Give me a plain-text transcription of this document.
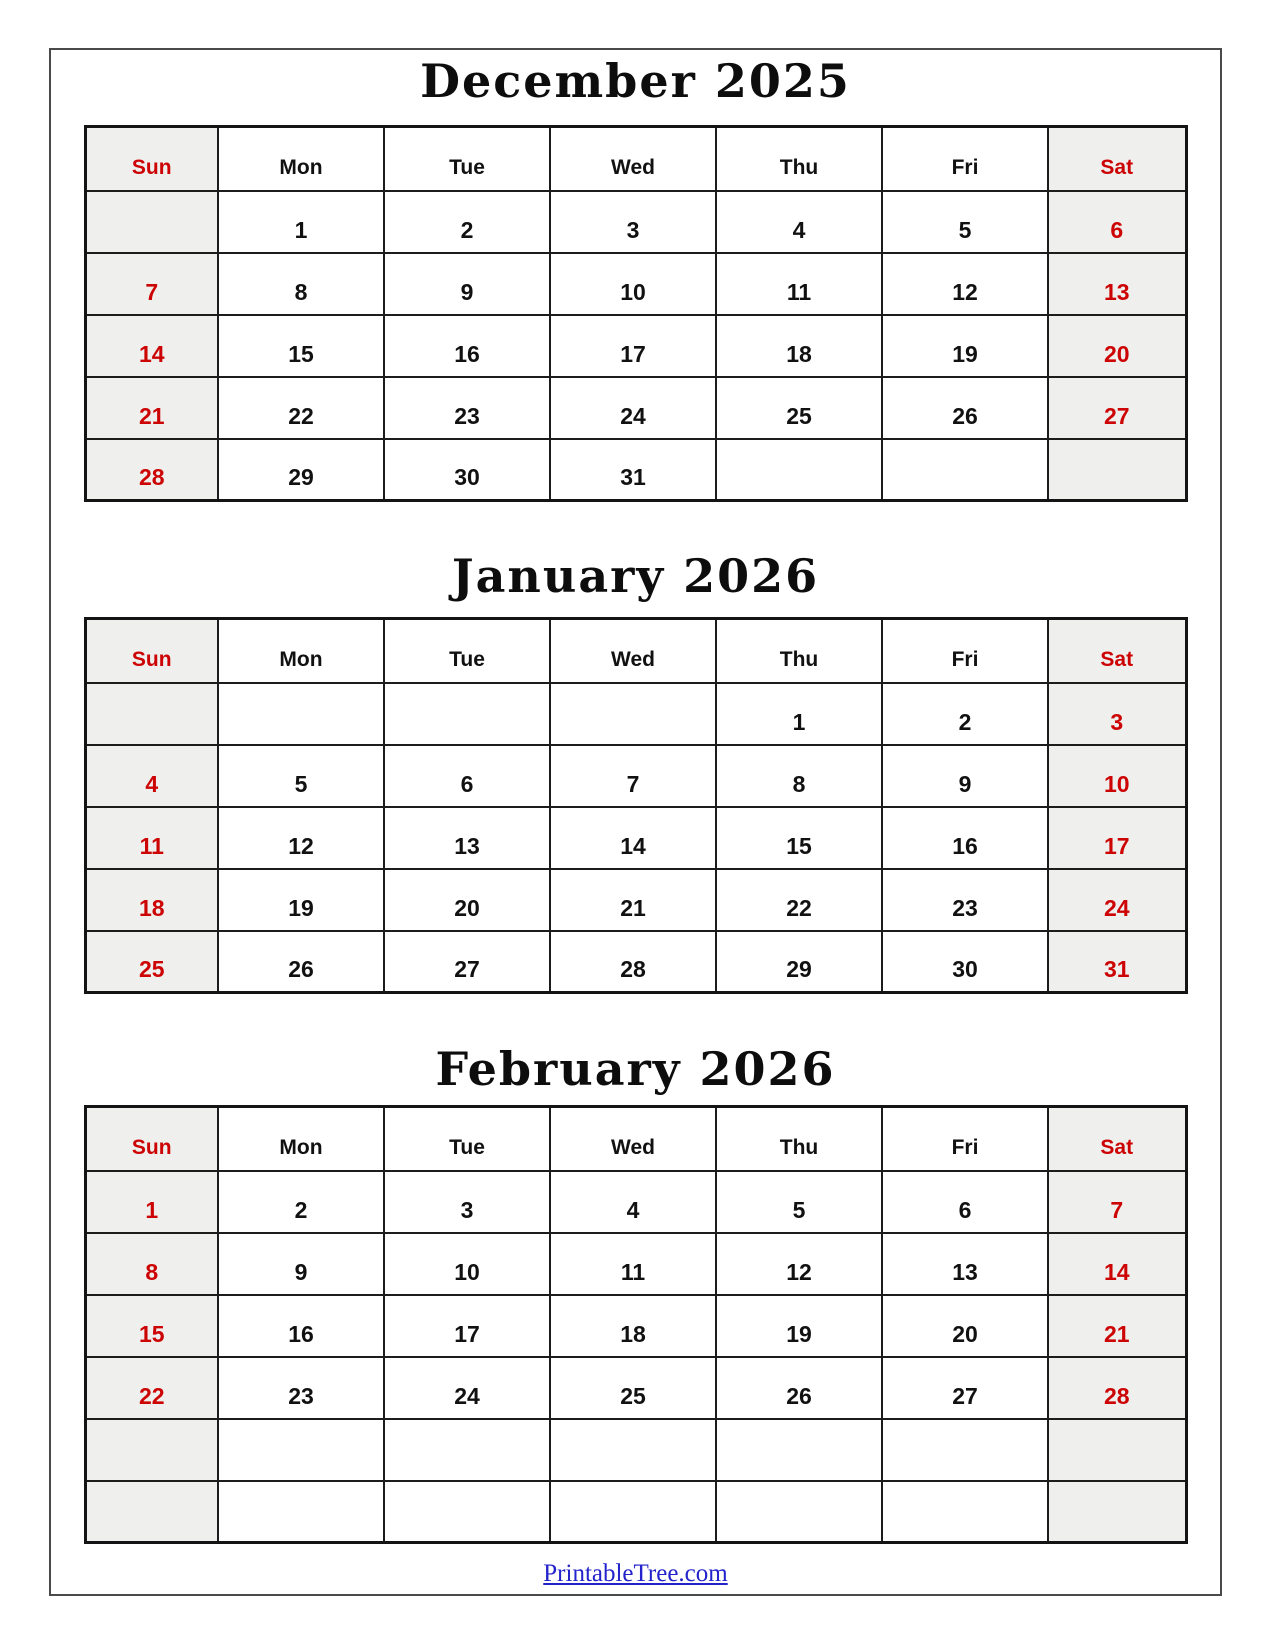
December 2025
Sun	Mon	Tue	Wed	Thu	Fri	Sat
	1	2	3	4	5	6
7	8	9	10	11	12	13
14	15	16	17	18	19	20
21	22	23	24	25	26	27
28	29	30	31			
January 2026
Sun	Mon	Tue	Wed	Thu	Fri	Sat
				1	2	3
4	5	6	7	8	9	10
11	12	13	14	15	16	17
18	19	20	21	22	23	24
25	26	27	28	29	30	31
February 2026
Sun	Mon	Tue	Wed	Thu	Fri	Sat
1	2	3	4	5	6	7
8	9	10	11	12	13	14
15	16	17	18	19	20	21
22	23	24	25	26	27	28

PrintableTree.com
